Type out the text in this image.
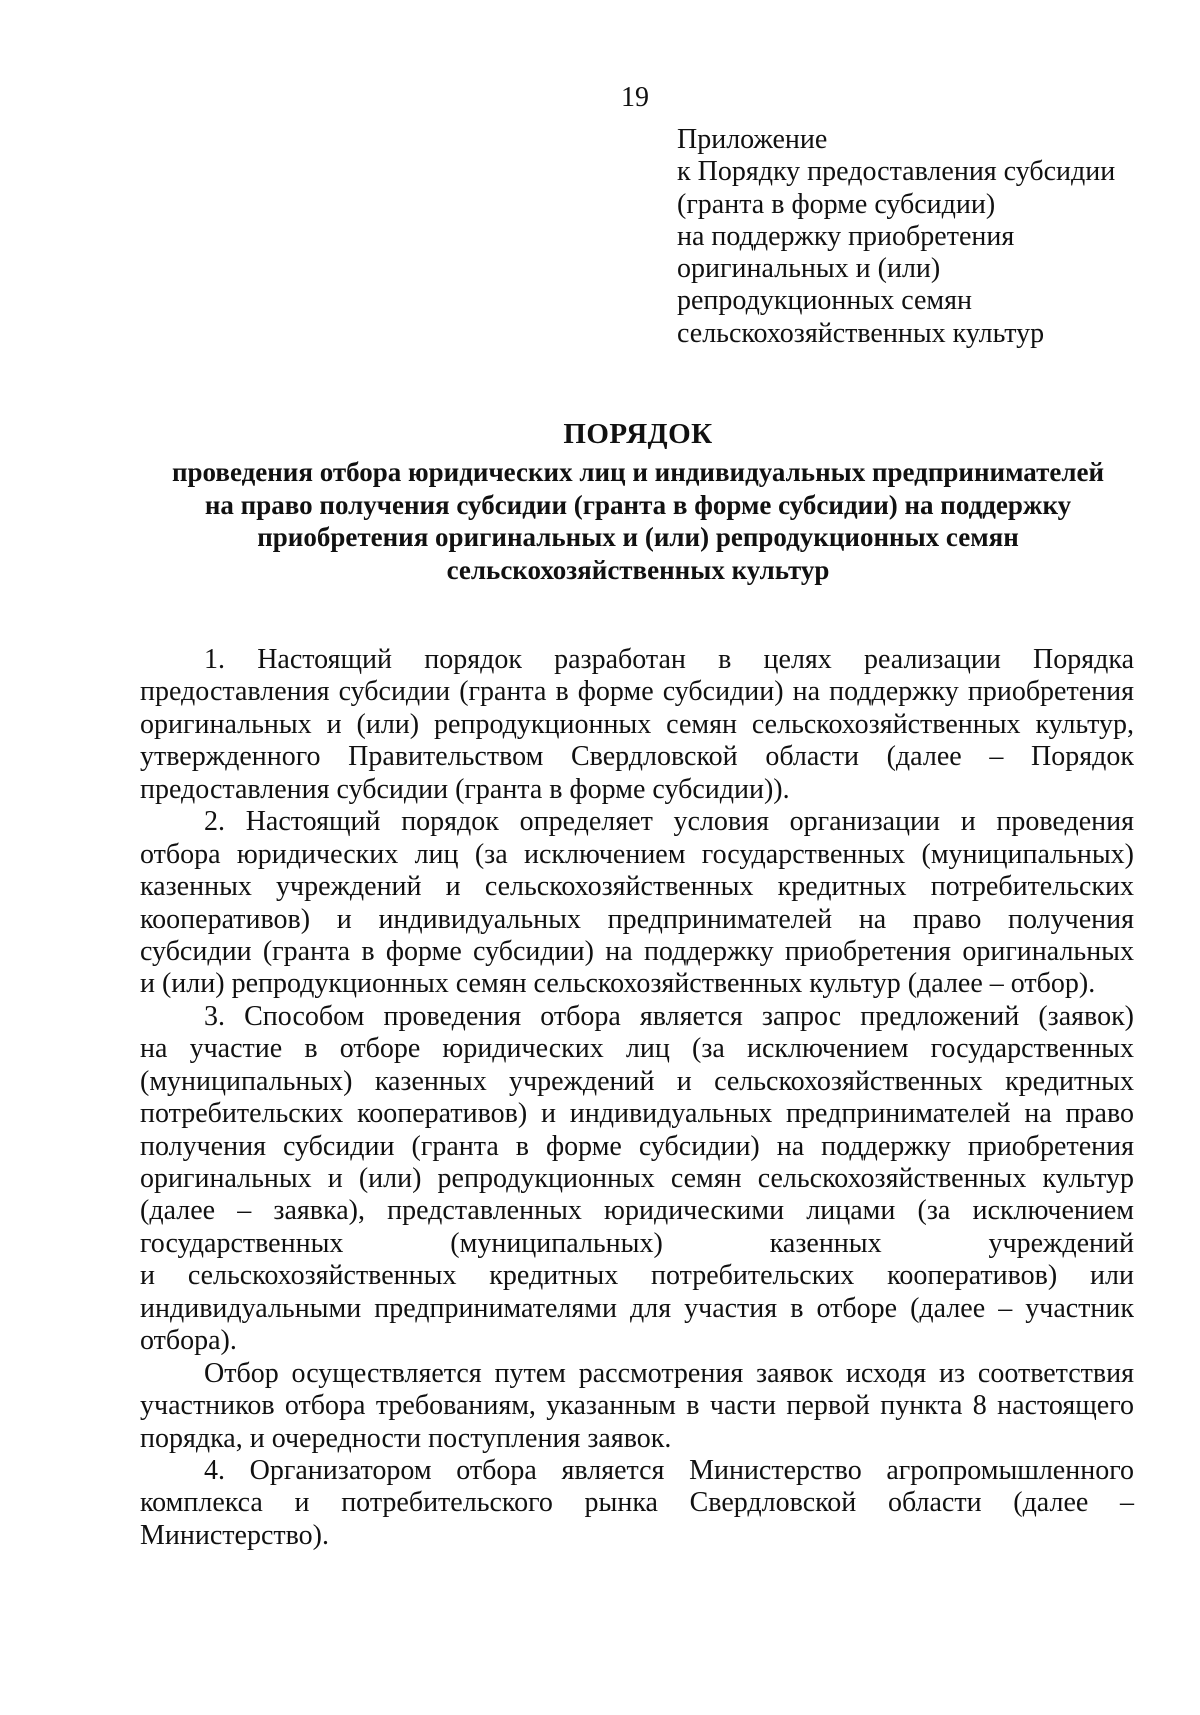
19
Приложение
к Порядку предоставления субсидии
(гранта в форме субсидии)
на поддержку приобретения
оригинальных и (или)
репродукционных семян
сельскохозяйственных культур
ПОРЯДОК
проведения отбора юридических лиц и индивидуальных предпринимателей
на право получения субсидии (гранта в форме субсидии) на поддержку
приобретения оригинальных и (или) репродукционных семян
сельскохозяйственных культур
1. Настоящий порядок разработан в целях реализации Порядка
предоставления субсидии (гранта в форме субсидии) на поддержку приобретения
оригинальных и (или) репродукционных семян сельскохозяйственных культур,
утвержденного Правительством Свердловской области (далее – Порядок
предоставления субсидии (гранта в форме субсидии)).
2. Настоящий порядок определяет условия организации и проведения
отбора юридических лиц (за исключением государственных (муниципальных)
казенных учреждений и сельскохозяйственных кредитных потребительских
кооперативов) и индивидуальных предпринимателей на право получения
субсидии (гранта в форме субсидии) на поддержку приобретения оригинальных
и (или) репродукционных семян сельскохозяйственных культур (далее – отбор).
3. Способом проведения отбора является запрос предложений (заявок)
на участие в отборе юридических лиц (за исключением государственных
(муниципальных) казенных учреждений и сельскохозяйственных кредитных
потребительских кооперативов) и индивидуальных предпринимателей на право
получения субсидии (гранта в форме субсидии) на поддержку приобретения
оригинальных и (или) репродукционных семян сельскохозяйственных культур
(далее – заявка), представленных юридическими лицами (за исключением
государственных (муниципальных) казенных учреждений
и сельскохозяйственных кредитных потребительских кооперативов) или
индивидуальными предпринимателями для участия в отборе (далее – участник
отбора).
Отбор осуществляется путем рассмотрения заявок исходя из соответствия
участников отбора требованиям, указанным в части первой пункта 8 настоящего
порядка, и очередности поступления заявок.
4. Организатором отбора является Министерство агропромышленного
комплекса и потребительского рынка Свердловской области (далее –
Министерство).
